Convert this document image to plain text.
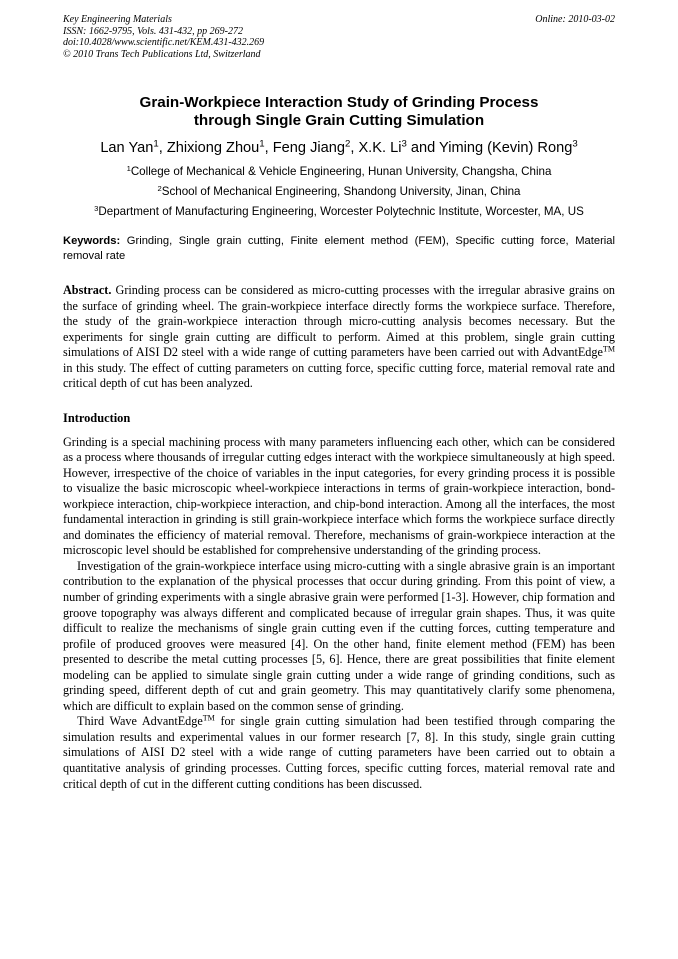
Key Engineering Materials
ISSN: 1662-9795, Vols. 431-432, pp 269-272
doi:10.4028/www.scientific.net/KEM.431-432.269
© 2010 Trans Tech Publications Ltd, Switzerland
Online: 2010-03-02
Grain-Workpiece Interaction Study of Grinding Process
through Single Grain Cutting Simulation
Lan Yan$^1$, Zhixiong Zhou$^1$, Feng Jiang$^2$, X.K. Li$^3$ and Yiming (Kevin) Rong$^3$
$^1$College of Mechanical & Vehicle Engineering, Hunan University, Changsha, China
$^2$School of Mechanical Engineering, Shandong University, Jinan, China
$^3$Department of Manufacturing Engineering, Worcester Polytechnic Institute, Worcester, MA, US
Keywords: Grinding, Single grain cutting, Finite element method (FEM), Specific cutting force, Material removal rate
Abstract. Grinding process can be considered as micro-cutting processes with the irregular abrasive grains on the surface of grinding wheel. The grain-workpiece interface directly forms the workpiece surface. Therefore, the study of the grain-workpiece interaction through micro-cutting analysis becomes necessary. But the experiments for single grain cutting are difficult to perform. Aimed at this problem, single grain cutting simulations of AISI D2 steel with a wide range of cutting parameters have been carried out with AdvantEdge™ in this study. The effect of cutting parameters on cutting force, specific cutting force, material removal rate and critical depth of cut has been analyzed.
Introduction

Grinding is a special machining process with many parameters influencing each other, which can be considered as a process where thousands of irregular cutting edges interact with the workpiece simultaneously at high speed. However, irrespective of the choice of variables in the input categories, for every grinding process it is possible to visualize the basic microscopic wheel-workpiece interactions in terms of grain-workpiece interaction, bond-workpiece interaction, chip-workpiece interaction, and chip-bond interaction. Among all the interfaces, the most fundamental interaction in grinding is still grain-workpiece interface which forms the workpiece surface directly and dominates the efficiency of material removal. Therefore, mechanisms of grain-workpiece interaction at the microscopic level should be established for comprehensive understanding of the grinding process.

Investigation of the grain-workpiece interface using micro-cutting with a single abrasive grain is an important contribution to the explanation of the physical processes that occur during grinding. From this point of view, a number of grinding experiments with a single abrasive grain were performed [1-3]. However, chip formation and groove topography was always different and complicated because of irregular grain shapes. Thus, it was quite difficult to realize the mechanisms of single grain cutting even if the cutting forces, cutting temperature and profile of produced grooves were measured [4]. On the other hand, finite element method (FEM) has been presented to describe the metal cutting processes [5, 6]. Hence, there are great possibilities that finite element modeling can be applied to simulate single grain cutting under a wide range of grinding conditions, such as grinding speed, different depth of cut and grain geometry. This may quantitatively clarify some phenomena, which are difficult to explain based on the common sense of grinding.

Third Wave AdvantEdge™ for single grain cutting simulation had been testified through comparing the simulation results and experimental values in our former research [7, 8]. In this study, single grain cutting simulations of AISI D2 steel with a wide range of cutting parameters have been carried out to obtain a quantitative analysis of grinding processes. Cutting forces, specific cutting forces, material removal rate and critical depth of cut in the different cutting conditions has been discussed.
